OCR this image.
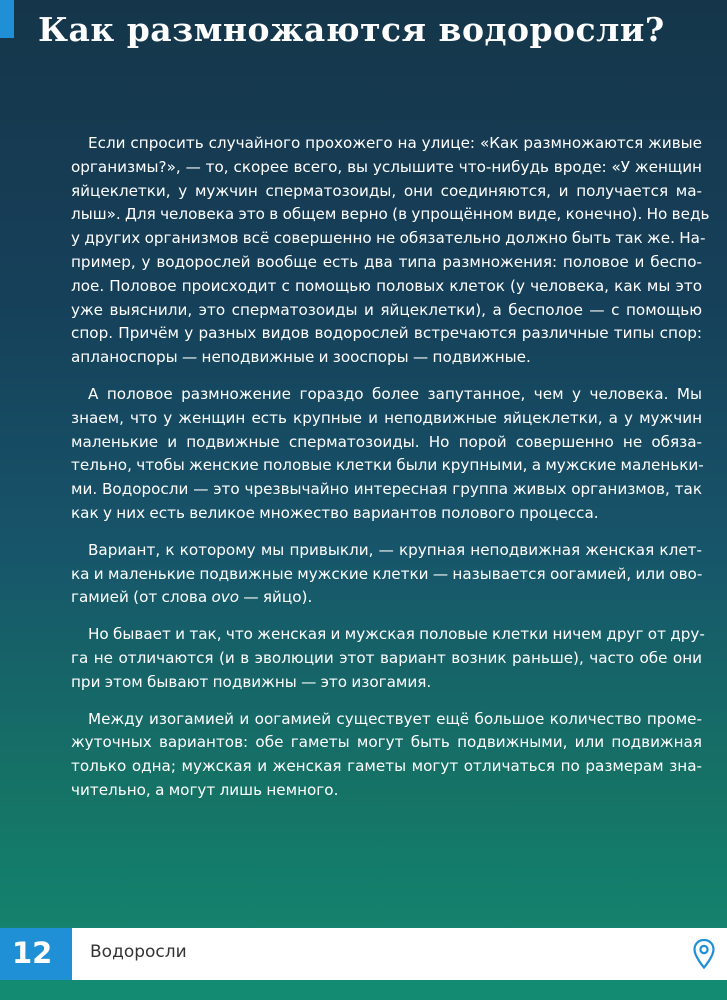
Как размножаются водоросли?

Если спросить случайного прохожего на улице: «Как размножаются живые
организмы?», — то, скорее всего, вы услышите что-нибудь вроде: «У женщин
яйцеклетки, у мужчин сперматозоиды, они соединяются, и получается ма-
лыш». Для человека это в общем верно (в упрощённом виде, конечно). Но ведь
у других организмов всё совершенно не обязательно должно быть так же. На-
пример, у водорослей вообще есть два типа размножения: половое и беспо-
лое. Половое происходит с помощью половых клеток (у человека, как мы это
уже выяснили, это сперматозоиды и яйцеклетки), а бесполое — с помощью
спор. Причём у разных видов водорослей встречаются различные типы спор:
апланоспоры — неподвижные и зооспоры — подвижные.

А половое размножение гораздо более запутанное, чем у человека. Мы
знаем, что у женщин есть крупные и неподвижные яйцеклетки, а у мужчин
маленькие и подвижные сперматозоиды. Но порой совершенно не обяза-
тельно, чтобы женские половые клетки были крупными, а мужские маленьки-
ми. Водоросли — это чрезвычайно интересная группа живых организмов, так
как у них есть великое множество вариантов полового процесса.

Вариант, к которому мы привыкли, — крупная неподвижная женская клет-
ка и маленькие подвижные мужские клетки — называется оогамией, или ово-
гамией (от слова ovo — яйцо).

Но бывает и так, что женская и мужская половые клетки ничем друг от дру-
га не отличаются (и в эволюции этот вариант возник раньше), часто обе они
при этом бывают подвижны — это изогамия.

Между изогамией и оогамией существует ещё большое количество проме-
жуточных вариантов: обе гаметы могут быть подвижными, или подвижная
только одна; мужская и женская гаметы могут отличаться по размерам зна-
чительно, а могут лишь немного.

12 Водоросли
